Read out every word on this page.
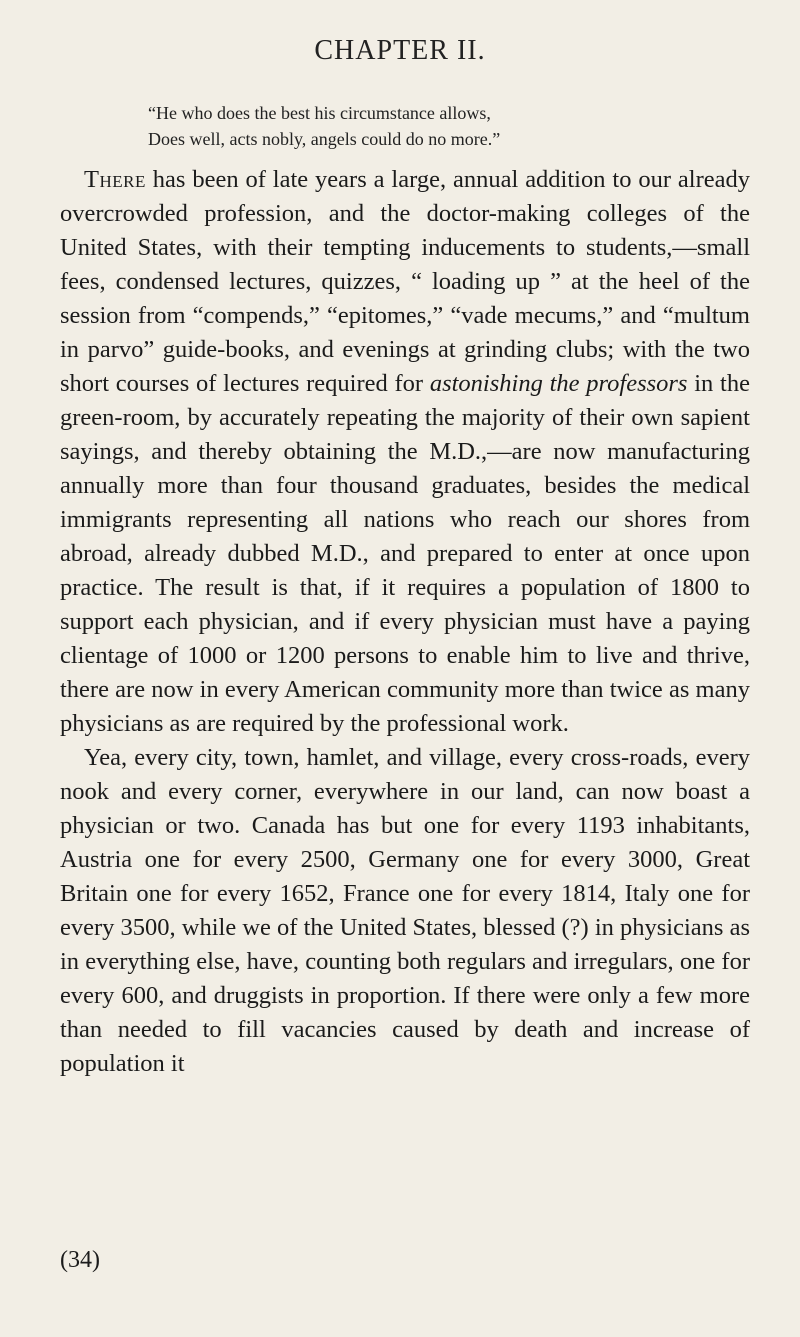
CHAPTER II.
“He who does the best his circumstance allows,
Does well, acts nobly, angels could do no more.”

There has been of late years a large, annual addition to our already overcrowded profession, and the doctor-making colleges of the United States, with their tempting inducements to students,—small fees, condensed lectures, quizzes, “ loading up ” at the heel of the session from “compends,” “epitomes,” “vade mecums,” and “multum in parvo” guide-books, and evenings at grinding clubs; with the two short courses of lectures required for astonishing the professors in the green-room, by accurately repeating the majority of their own sapient sayings, and thereby obtaining the M.D.,—are now manufacturing annually more than four thousand graduates, besides the medical immigrants representing all nations who reach our shores from abroad, already dubbed M.D., and prepared to enter at once upon practice. The result is that, if it requires a population of 1800 to support each physician, and if every physician must have a paying clientage of 1000 or 1200 persons to enable him to live and thrive, there are now in every American community more than twice as many physicians as are required by the professional work.

Yea, every city, town, hamlet, and village, every cross-roads, every nook and every corner, everywhere in our land, can now boast a physician or two. Canada has but one for every 1193 inhabitants, Austria one for every 2500, Germany one for every 3000, Great Britain one for every 1652, France one for every 1814, Italy one for every 3500, while we of the United States, blessed (?) in physicians as in everything else, have, counting both regulars and irregulars, one for every 600, and druggists in proportion. If there were only a few more than needed to fill vacancies caused by death and increase of population it

(34)
